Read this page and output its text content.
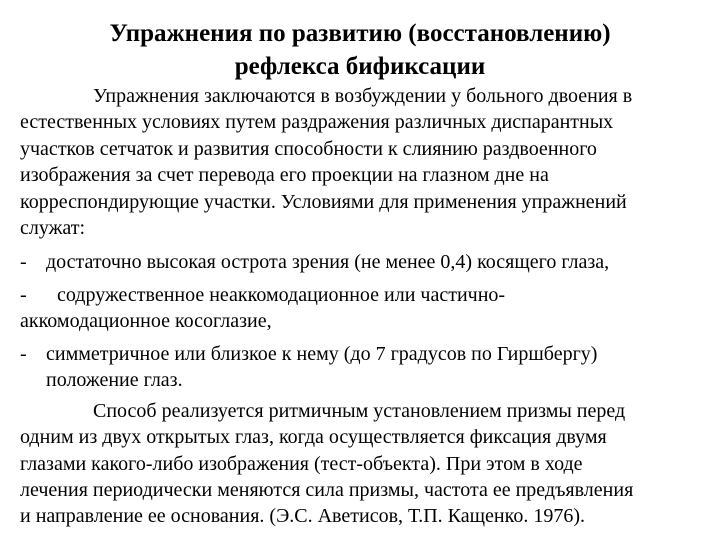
Упражнения по развитию (восстановлению)
рефлекса бификсации
Упражнения заключаются в возбуждении у больного двоения в
естественных условиях путем раздражения различных диспарантных
участков сетчаток и развития способности к слиянию раздвоенного
изображения за счет перевода его проекции на глазном дне на
корреспондирующие участки. Условиями для применения упражнений
служат:
- достаточно высокая острота зрения (не менее 0,4) косящего глаза,
- содружественное неаккомодационное или частично-
аккомодационное косоглазие,
- симметричное или близкое к нему (до 7 градусов по Гиршбергу)
положение глаз.
Способ реализуется ритмичным установлением призмы перед
одним из двух открытых глаз, когда осуществляется фиксация двумя
глазами какого-либо изображения (тест-объекта). При этом в ходе
лечения периодически меняются сила призмы, частота ее предъявления
и направление ее основания. (Э.С. Аветисов, Т.П. Кащенко. 1976).
